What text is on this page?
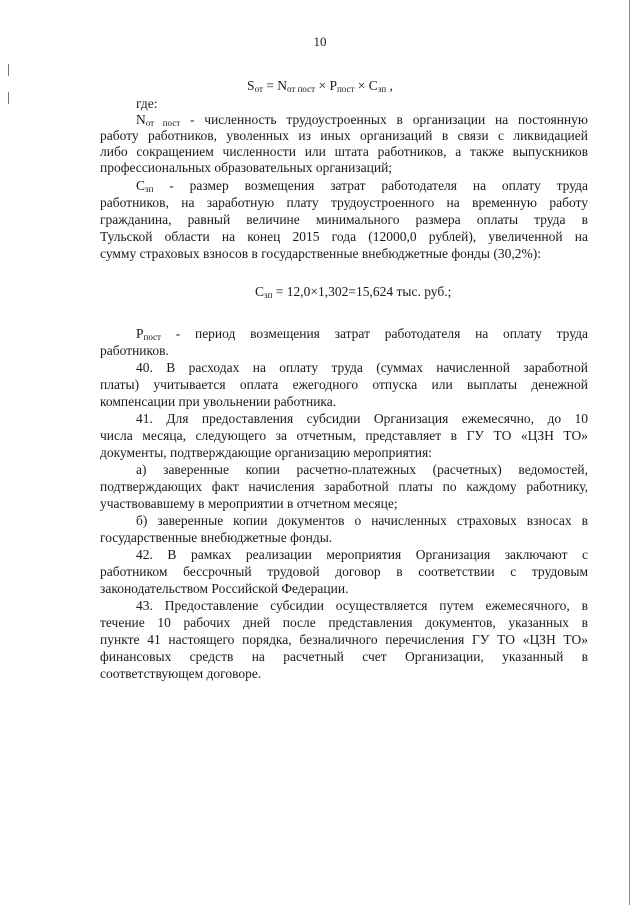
10
$S_{от} = N_{от пост} \times P_{пост} \times C_{зп}$ ,
где:
$N_{от пост}$ - численность трудоустроенных в организации на постоянную
работу работников, уволенных из иных организаций в связи с ликвидацией
либо сокращением численности или штата работников, а также выпускников
профессиональных образовательных организаций;
$С_{зп}$ - размер возмещения затрат работодателя на оплату труда
работников, на заработную плату трудоустроенного на временную работу
гражданина, равный величине минимального размера оплаты труда в
Тульской области на конец 2015 года (12000,0 рублей), увеличенной на
сумму страховых взносов в государственные внебюджетные фонды (30,2%):
$С_{зп} = 12,0\times 1,302=15,624$ тыс. руб.;
$P_{пост}$ - период возмещения затрат работодателя на оплату труда
работников.
40. В расходах на оплату труда (суммах начисленной заработной
платы) учитывается оплата ежегодного отпуска или выплаты денежной
компенсации при увольнении работника.
41. Для предоставления субсидии Организация ежемесячно, до 10
числа месяца, следующего за отчетным, представляет в ГУ ТО «ЦЗН ТО»
документы, подтверждающие организацию мероприятия:
а) заверенные копии расчетно-платежных (расчетных) ведомостей,
подтверждающих факт начисления заработной платы по каждому работнику,
участвовавшему в мероприятии в отчетном месяце;
б) заверенные копии документов о начисленных страховых взносах в
государственные внебюджетные фонды.
42. В рамках реализации мероприятия Организация заключают с
работником бессрочный трудовой договор в соответствии с трудовым
законодательством Российской Федерации.
43. Предоставление субсидии осуществляется путем ежемесячного, в
течение 10 рабочих дней после представления документов, указанных в
пункте 41 настоящего порядка, безналичного перечисления ГУ ТО «ЦЗН ТО»
финансовых средств на расчетный счет Организации, указанный в
соответствующем договоре.
